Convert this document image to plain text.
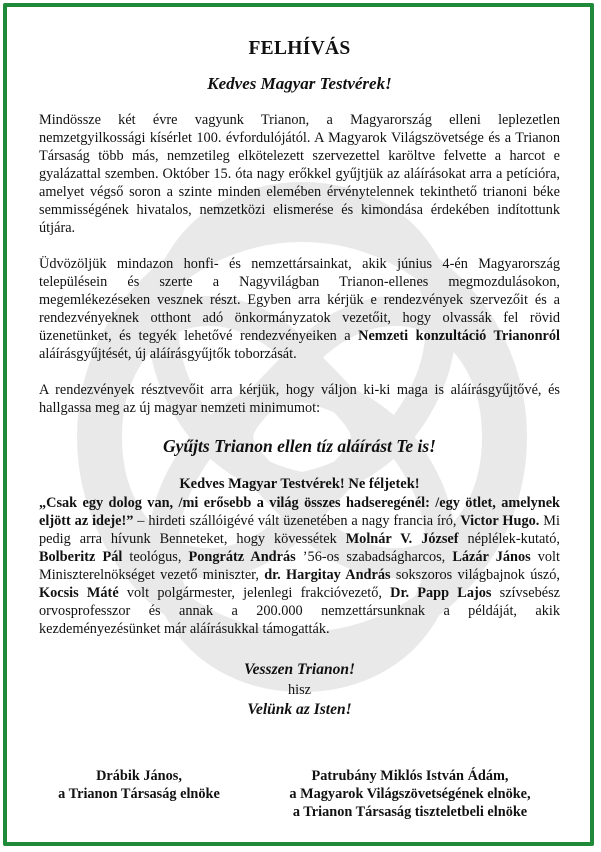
FELHÍVÁS
Kedves Magyar Testvérek!

Mindössze két évre vagyunk Trianon, a Magyarország elleni leplezetlen nemzetgyilkossági kísérlet 100. évfordulójától. A Magyarok Világszövetsége és a Trianon Társaság több más, nemzetileg elkötelezett szervezettel karöltve felvette a harcot e gyalázattal szemben. Október 15. óta nagy erőkkel gyűjtjük az aláírásokat arra a petícióra, amelyet végső soron a szinte minden elemében érvénytelennek tekinthető trianoni béke semmisségének hivatalos, nemzetközi elismerése és kimondása érdekében indítottunk útjára.

Üdvözöljük mindazon honfi- és nemzettársainkat, akik június 4-én Magyarország településein és szerte a Nagyvilágban Trianon-ellenes megmozdulásokon, megemlékezéseken vesznek részt. Egyben arra kérjük e rendezvények szervezőit és a rendezvényeknek otthont adó önkormányzatok vezetőit, hogy olvassák fel rövid üzenetünket, és tegyék lehetővé rendezvényeiken a Nemzeti konzultáció Trianonról aláírásgyűjtését, új aláírásgyűjtők toborzását.

A rendezvények résztvevőit arra kérjük, hogy váljon ki-ki maga is aláírásgyűjtővé, és hallgassa meg az új magyar nemzeti minimumot:

Gyűjts Trianon ellen tíz aláírást Te is!
Kedves Magyar Testvérek! Ne féljetek!

„Csak egy dolog van, /mi erősebb a világ összes hadseregénél: /egy ötlet, amelynek eljött az ideje!” – hirdeti szállóigévé vált üzenetében a nagy francia író, Victor Hugo. Mi pedig arra hívunk Benneteket, hogy kövessétek Molnár V. József néplélek-kutató, Bolberitz Pál teológus, Pongrátz András ’56-os szabadságharcos, Lázár János volt Miniszterelnökséget vezető miniszter, dr. Hargitay András sokszoros világbajnok úszó, Kocsis Máté volt polgármester, jelenlegi frakcióvezető, Dr. Papp Lajos szívsebész orvosprofesszor és annak a 200.000 nemzettársunknak a példáját, akik kezdeményezésünket már aláírásukkal támogatták.

Vesszen Trianon!
hisz
Velünk az Isten!
Drábik János,
a Trianon Társaság elnöke
Patrubány Miklós István Ádám,
a Magyarok Világszövetségének elnöke,
a Trianon Társaság tiszteletbeli elnöke
